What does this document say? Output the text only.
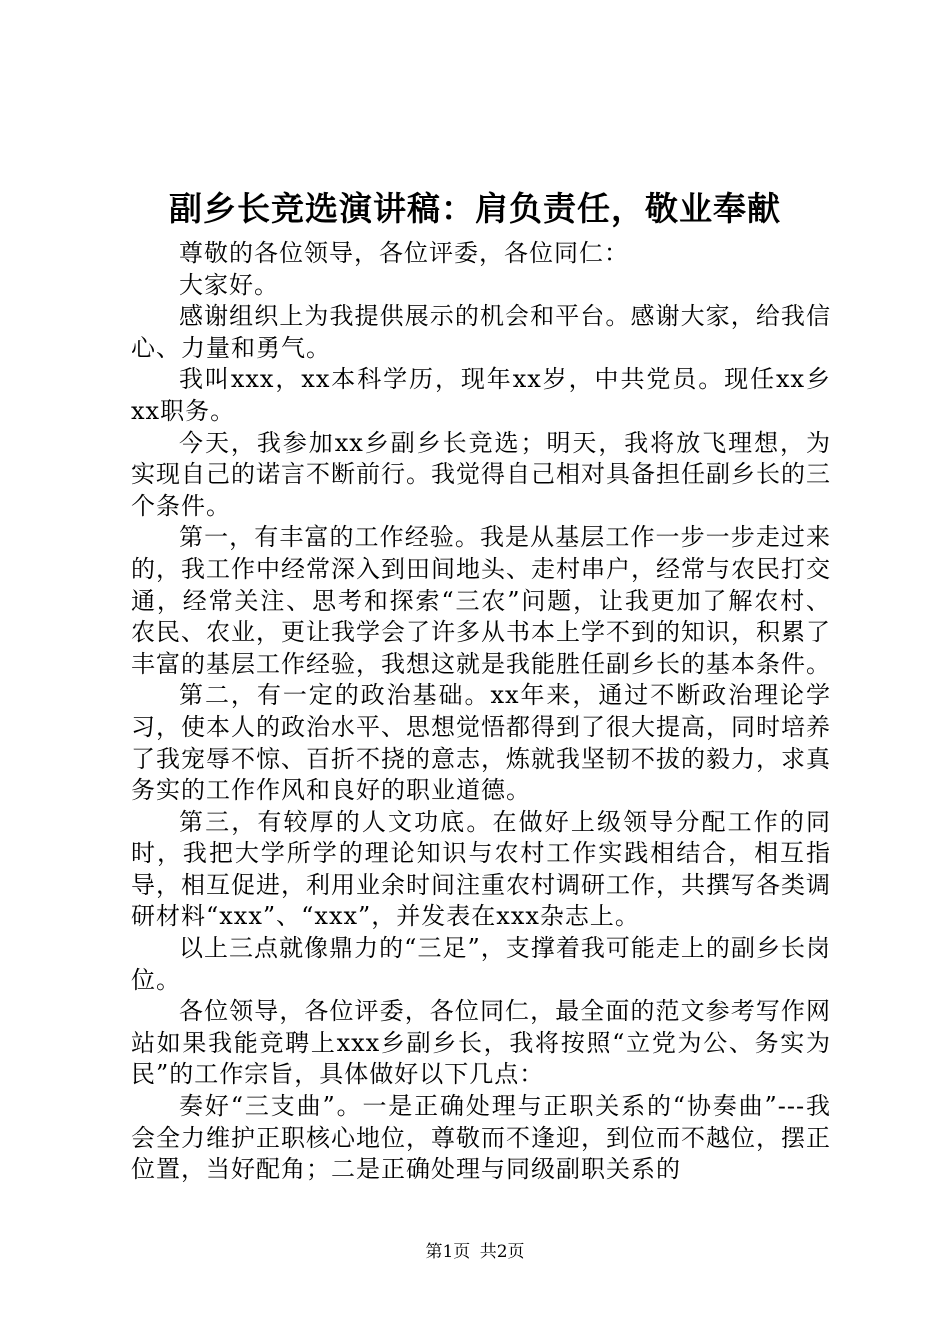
副乡长竞选演讲稿：肩负责任，敬业奉献

尊敬的各位领导，各位评委，各位同仁：

大家好。

感谢组织上为我提供展示的机会和平台。感谢大家，给我信心、力量和勇气。

我叫xxx，xx本科学历，现年xx岁，中共党员。现任xx乡xx职务。

今天，我参加xx乡副乡长竞选；明天，我将放飞理想，为实现自己的诺言不断前行。我觉得自己相对具备担任副乡长的三个条件。

第一，有丰富的工作经验。我是从基层工作一步一步走过来的，我工作中经常深入到田间地头、走村串户，经常与农民打交通，经常关注、思考和探索“三农”问题，让我更加了解农村、农民、农业，更让我学会了许多从书本上学不到的知识，积累了丰富的基层工作经验，我想这就是我能胜任副乡长的基本条件。

第二，有一定的政治基础。xx年来，通过不断政治理论学习，使本人的政治水平、思想觉悟都得到了很大提高，同时培养了我宠辱不惊、百折不挠的意志，炼就我坚韧不拔的毅力，求真务实的工作作风和良好的职业道德。

第三，有较厚的人文功底。在做好上级领导分配工作的同时，我把大学所学的理论知识与农村工作实践相结合，相互指导，相互促进，利用业余时间注重农村调研工作，共撰写各类调研材料“xxx”、“xxx”，并发表在xxx杂志上。

以上三点就像鼎力的“三足”，支撑着我可能走上的副乡长岗位。

各位领导，各位评委，各位同仁，最全面的范文参考写作网站如果我能竞聘上xxx乡副乡长，我将按照“立党为公、务实为民”的工作宗旨，具体做好以下几点：

奏好“三支曲”。一是正确处理与正职关系的“协奏曲”---我会全力维护正职核心地位，尊敬而不逢迎，到位而不越位，摆正位置，当好配角；二是正确处理与同级副职关系的

第1页 共2页
